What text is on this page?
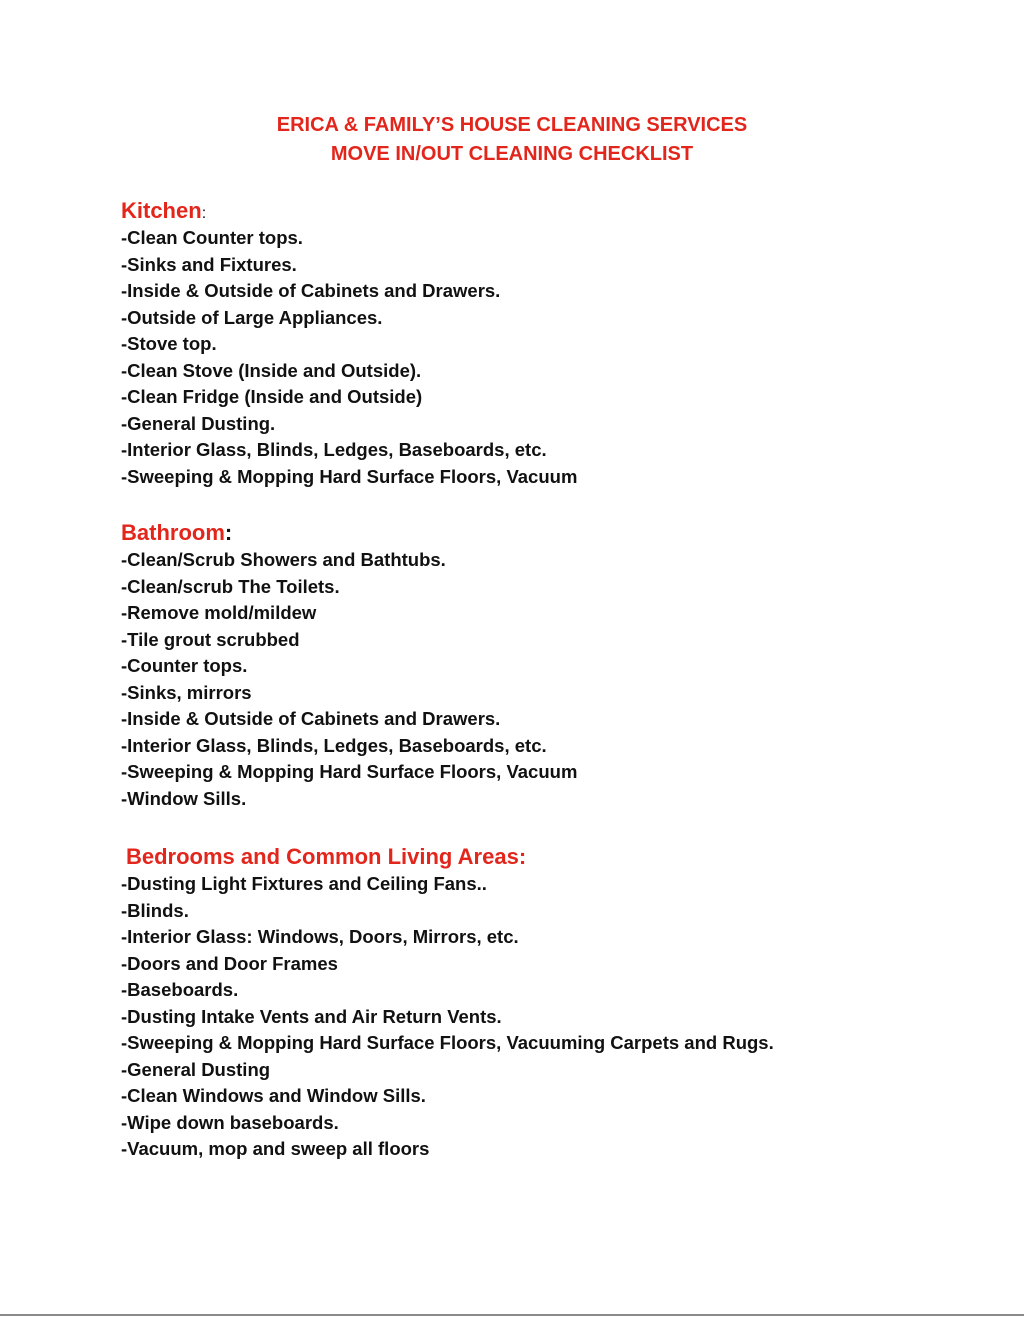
ERICA & FAMILY’S HOUSE CLEANING SERVICES
MOVE IN/OUT CLEANING CHECKLIST
Kitchen:
-Clean Counter tops.
-Sinks and Fixtures.
-Inside & Outside of Cabinets and Drawers.
-Outside of Large Appliances.
-Stove top.
-Clean Stove (Inside and Outside).
-Clean Fridge (Inside and Outside)
-General Dusting.
-Interior Glass, Blinds, Ledges, Baseboards, etc.
-Sweeping & Mopping Hard Surface Floors, Vacuum
Bathroom:
-Clean/Scrub Showers and Bathtubs.
-Clean/scrub The Toilets.
-Remove mold/mildew
-Tile grout scrubbed
-Counter tops.
-Sinks, mirrors
-Inside & Outside of Cabinets and Drawers.
-Interior Glass, Blinds, Ledges, Baseboards, etc.
-Sweeping & Mopping Hard Surface Floors, Vacuum
-Window Sills.
Bedrooms and Common Living Areas:
-Dusting Light Fixtures and Ceiling Fans..
-Blinds.
-Interior Glass: Windows, Doors, Mirrors, etc.
-Doors and Door Frames
-Baseboards.
-Dusting Intake Vents and Air Return Vents.
-Sweeping & Mopping Hard Surface Floors, Vacuuming Carpets and Rugs.
-General Dusting
-Clean Windows and Window Sills.
-Wipe down baseboards.
-Vacuum, mop and sweep all floors
